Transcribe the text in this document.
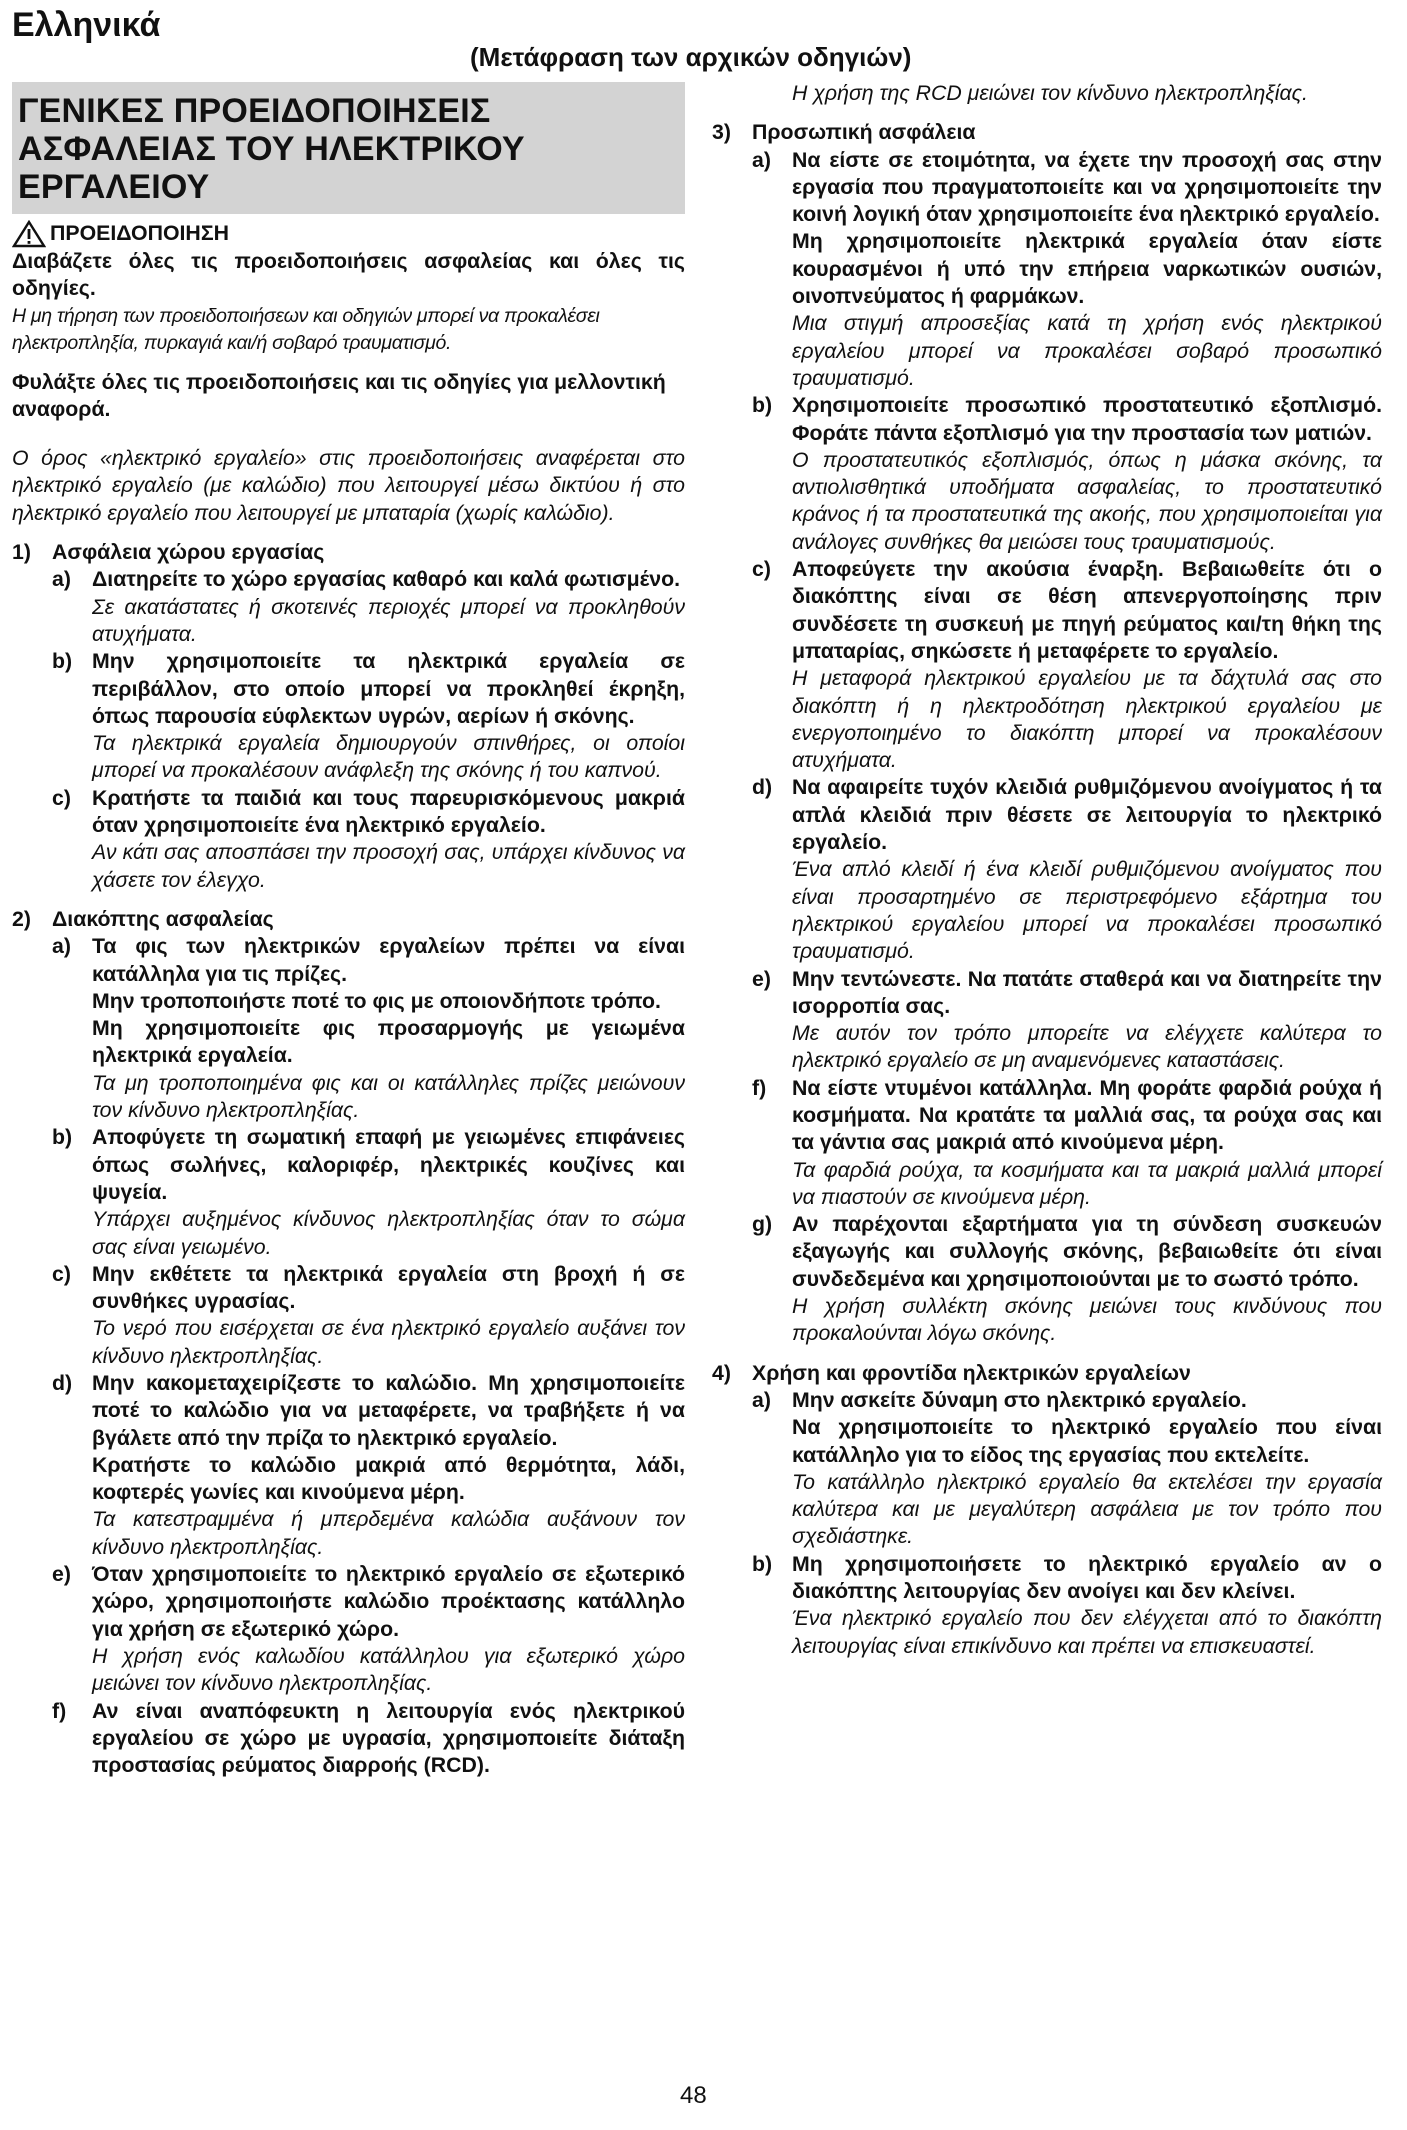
Ελληνικά
(Μετάφραση των αρχικών οδηγιών)
ΓΕΝΙΚΕΣ ΠΡΟΕΙΔΟΠΟΙΗΣΕΙΣ
ΑΣΦΑΛΕΙΑΣ ΤΟΥ ΗΛΕΚΤΡΙΚΟΥ
ΕΡΓΑΛΕΙΟΥ
ΠΡΟΕΙΔΟΠΟΙΗΣΗ
Διαβάζετε όλες τις προειδοποιήσεις ασφαλείας και όλες τις οδηγίες.
Η μη τήρηση των προειδοποιήσεων και οδηγιών μπορεί να προκαλέσει ηλεκτροπληξία, πυρκαγιά και/ή σοβαρό τραυματισμό.
Φυλάξτε όλες τις προειδοποιήσεις και τις οδηγίες για μελλοντική αναφορά.
Ο όρος «ηλεκτρικό εργαλείο» στις προειδοποιήσεις αναφέρεται στο ηλεκτρικό εργαλείο (με καλώδιο) που λειτουργεί μέσω δικτύου ή στο ηλεκτρικό εργαλείο που λειτουργεί με μπαταρία (χωρίς καλώδιο).
1) Ασφάλεια χώρου εργασίας
a) Διατηρείτε το χώρο εργασίας καθαρό και καλά φωτισμένο.
Σε ακατάστατες ή σκοτεινές περιοχές μπορεί να προκληθούν ατυχήματα.
b) Μην χρησιμοποιείτε τα ηλεκτρικά εργαλεία σε περιβάλλον, στο οποίο μπορεί να προκληθεί έκρηξη, όπως παρουσία εύφλεκτων υγρών, αερίων ή σκόνης.
Τα ηλεκτρικά εργαλεία δημιουργούν σπινθήρες, οι οποίοι μπορεί να προκαλέσουν ανάφλεξη της σκόνης ή του καπνού.
c) Κρατήστε τα παιδιά και τους παρευρισκόμενους μακριά όταν χρησιμοποιείτε ένα ηλεκτρικό εργαλείο.
Αν κάτι σας αποσπάσει την προσοχή σας, υπάρχει κίνδυνος να χάσετε τον έλεγχο.
2) Διακόπτης ασφαλείας
a) Τα φις των ηλεκτρικών εργαλείων πρέπει να είναι κατάλληλα για τις πρίζες.
Μην τροποποιήστε ποτέ το φις με οποιονδήποτε τρόπο.
Μη χρησιμοποιείτε φις προσαρμογής με γειωμένα ηλεκτρικά εργαλεία.
Τα μη τροποποιημένα φις και οι κατάλληλες πρίζες μειώνουν τον κίνδυνο ηλεκτροπληξίας.
b) Αποφύγετε τη σωματική επαφή με γειωμένες επιφάνειες όπως σωλήνες, καλοριφέρ, ηλεκτρικές κουζίνες και ψυγεία.
Υπάρχει αυξημένος κίνδυνος ηλεκτροπληξίας όταν το σώμα σας είναι γειωμένο.
c) Μην εκθέτετε τα ηλεκτρικά εργαλεία στη βροχή ή σε συνθήκες υγρασίας.
Το νερό που εισέρχεται σε ένα ηλεκτρικό εργαλείο αυξάνει τον κίνδυνο ηλεκτροπληξίας.
d) Μην κακομεταχειρίζεστε το καλώδιο. Μη χρησιμοποιείτε ποτέ το καλώδιο για να μεταφέρετε, να τραβήξετε ή να βγάλετε από την πρίζα το ηλεκτρικό εργαλείο.
Κρατήστε το καλώδιο μακριά από θερμότητα, λάδι, κοφτερές γωνίες και κινούμενα μέρη.
Τα κατεστραμμένα ή μπερδεμένα καλώδια αυξάνουν τον κίνδυνο ηλεκτροπληξίας.
e) Όταν χρησιμοποιείτε το ηλεκτρικό εργαλείο σε εξωτερικό χώρο, χρησιμοποιήστε καλώδιο προέκτασης κατάλληλο για χρήση σε εξωτερικό χώρο.
Η χρήση ενός καλωδίου κατάλληλου για εξωτερικό χώρο μειώνει τον κίνδυνο ηλεκτροπληξίας.
f)	Αν είναι αναπόφευκτη η λειτουργία ενός ηλεκτρικού εργαλείου σε χώρο με υγρασία, χρησιμοποιείτε διάταξη προστασίας ρεύματος διαρροής (RCD).
Η χρήση της RCD μειώνει τον κίνδυνο ηλεκτροπληξίας.
3) Προσωπική ασφάλεια
a) Να είστε σε ετοιμότητα, να έχετε την προσοχή σας στην εργασία που πραγματοποιείτε και να χρησιμοποιείτε την κοινή λογική όταν χρησιμοποιείτε ένα ηλεκτρικό εργαλείο.
Μη χρησιμοποιείτε ηλεκτρικά εργαλεία όταν είστε κουρασμένοι ή υπό την επήρεια ναρκωτικών ουσιών, οινοπνεύματος ή φαρμάκων.
Μια στιγμή απροσεξίας κατά τη χρήση ενός ηλεκτρικού εργαλείου μπορεί να προκαλέσει σοβαρό προσωπικό τραυματισμό.
b) Χρησιμοποιείτε προσωπικό προστατευτικό εξοπλισμό. Φοράτε πάντα εξοπλισμό για την προστασία των ματιών.
Ο προστατευτικός εξοπλισμός, όπως η μάσκα σκόνης, τα αντιολισθητικά υποδήματα ασφαλείας, το προστατευτικό κράνος ή τα προστατευτικά της ακοής, που χρησιμοποιείται για ανάλογες συνθήκες θα μειώσει τους τραυματισμούς.
c) Αποφεύγετε την ακούσια έναρξη. Βεβαιωθείτε ότι ο διακόπτης είναι σε θέση απενεργοποίησης πριν συνδέσετε τη συσκευή με πηγή ρεύματος και/τη θήκη της μπαταρίας, σηκώσετε ή μεταφέρετε το εργαλείο.
Η μεταφορά ηλεκτρικού εργαλείου με τα δάχτυλά σας στο διακόπτη ή η ηλεκτροδότηση ηλεκτρικού εργαλείου με ενεργοποιημένο το διακόπτη μπορεί να προκαλέσουν ατυχήματα.
d) Να αφαιρείτε τυχόν κλειδιά ρυθμιζόμενου ανοίγματος ή τα απλά κλειδιά πριν θέσετε σε λειτουργία το ηλεκτρικό εργαλείο.
Ένα απλό κλειδί ή ένα κλειδί ρυθμιζόμενου ανοίγματος που είναι προσαρτημένο σε περιστρεφόμενο εξάρτημα του ηλεκτρικού εργαλείου μπορεί να προκαλέσει προσωπικό τραυματισμό.
e) Μην τεντώνεστε. Να πατάτε σταθερά και να διατηρείτε την ισορροπία σας.
Με αυτόν τον τρόπο μπορείτε να ελέγχετε καλύτερα το ηλεκτρικό εργαλείο σε μη αναμενόμενες καταστάσεις.
f)	Να είστε ντυμένοι κατάλληλα. Μη φοράτε φαρδιά ρούχα ή κοσμήματα. Να κρατάτε τα μαλλιά σας, τα ρούχα σας και τα γάντια σας μακριά από κινούμενα μέρη.
Τα φαρδιά ρούχα, τα κοσμήματα και τα μακριά μαλλιά μπορεί να πιαστούν σε κινούμενα μέρη.
g) Αν παρέχονται εξαρτήματα για τη σύνδεση συσκευών εξαγωγής και συλλογής σκόνης, βεβαιωθείτε ότι είναι συνδεδεμένα και χρησιμοποιούνται με το σωστό τρόπο.
Η χρήση συλλέκτη σκόνης μειώνει τους κινδύνους που προκαλούνται λόγω σκόνης.
4) Χρήση και φροντίδα ηλεκτρικών εργαλείων
a) Μην ασκείτε δύναμη στο ηλεκτρικό εργαλείο.
Να χρησιμοποιείτε το ηλεκτρικό εργαλείο που είναι κατάλληλο για το είδος της εργασίας που εκτελείτε.
Το κατάλληλο ηλεκτρικό εργαλείο θα εκτελέσει την εργασία καλύτερα και με μεγαλύτερη ασφάλεια με τον τρόπο που σχεδιάστηκε.
b) Μη χρησιμοποιήσετε το ηλεκτρικό εργαλείο αν ο διακόπτης λειτουργίας δεν ανοίγει και δεν κλείνει.
Ένα ηλεκτρικό εργαλείο που δεν ελέγχεται από το διακόπτη λειτουργίας είναι επικίνδυνο και πρέπει να επισκευαστεί.
48
